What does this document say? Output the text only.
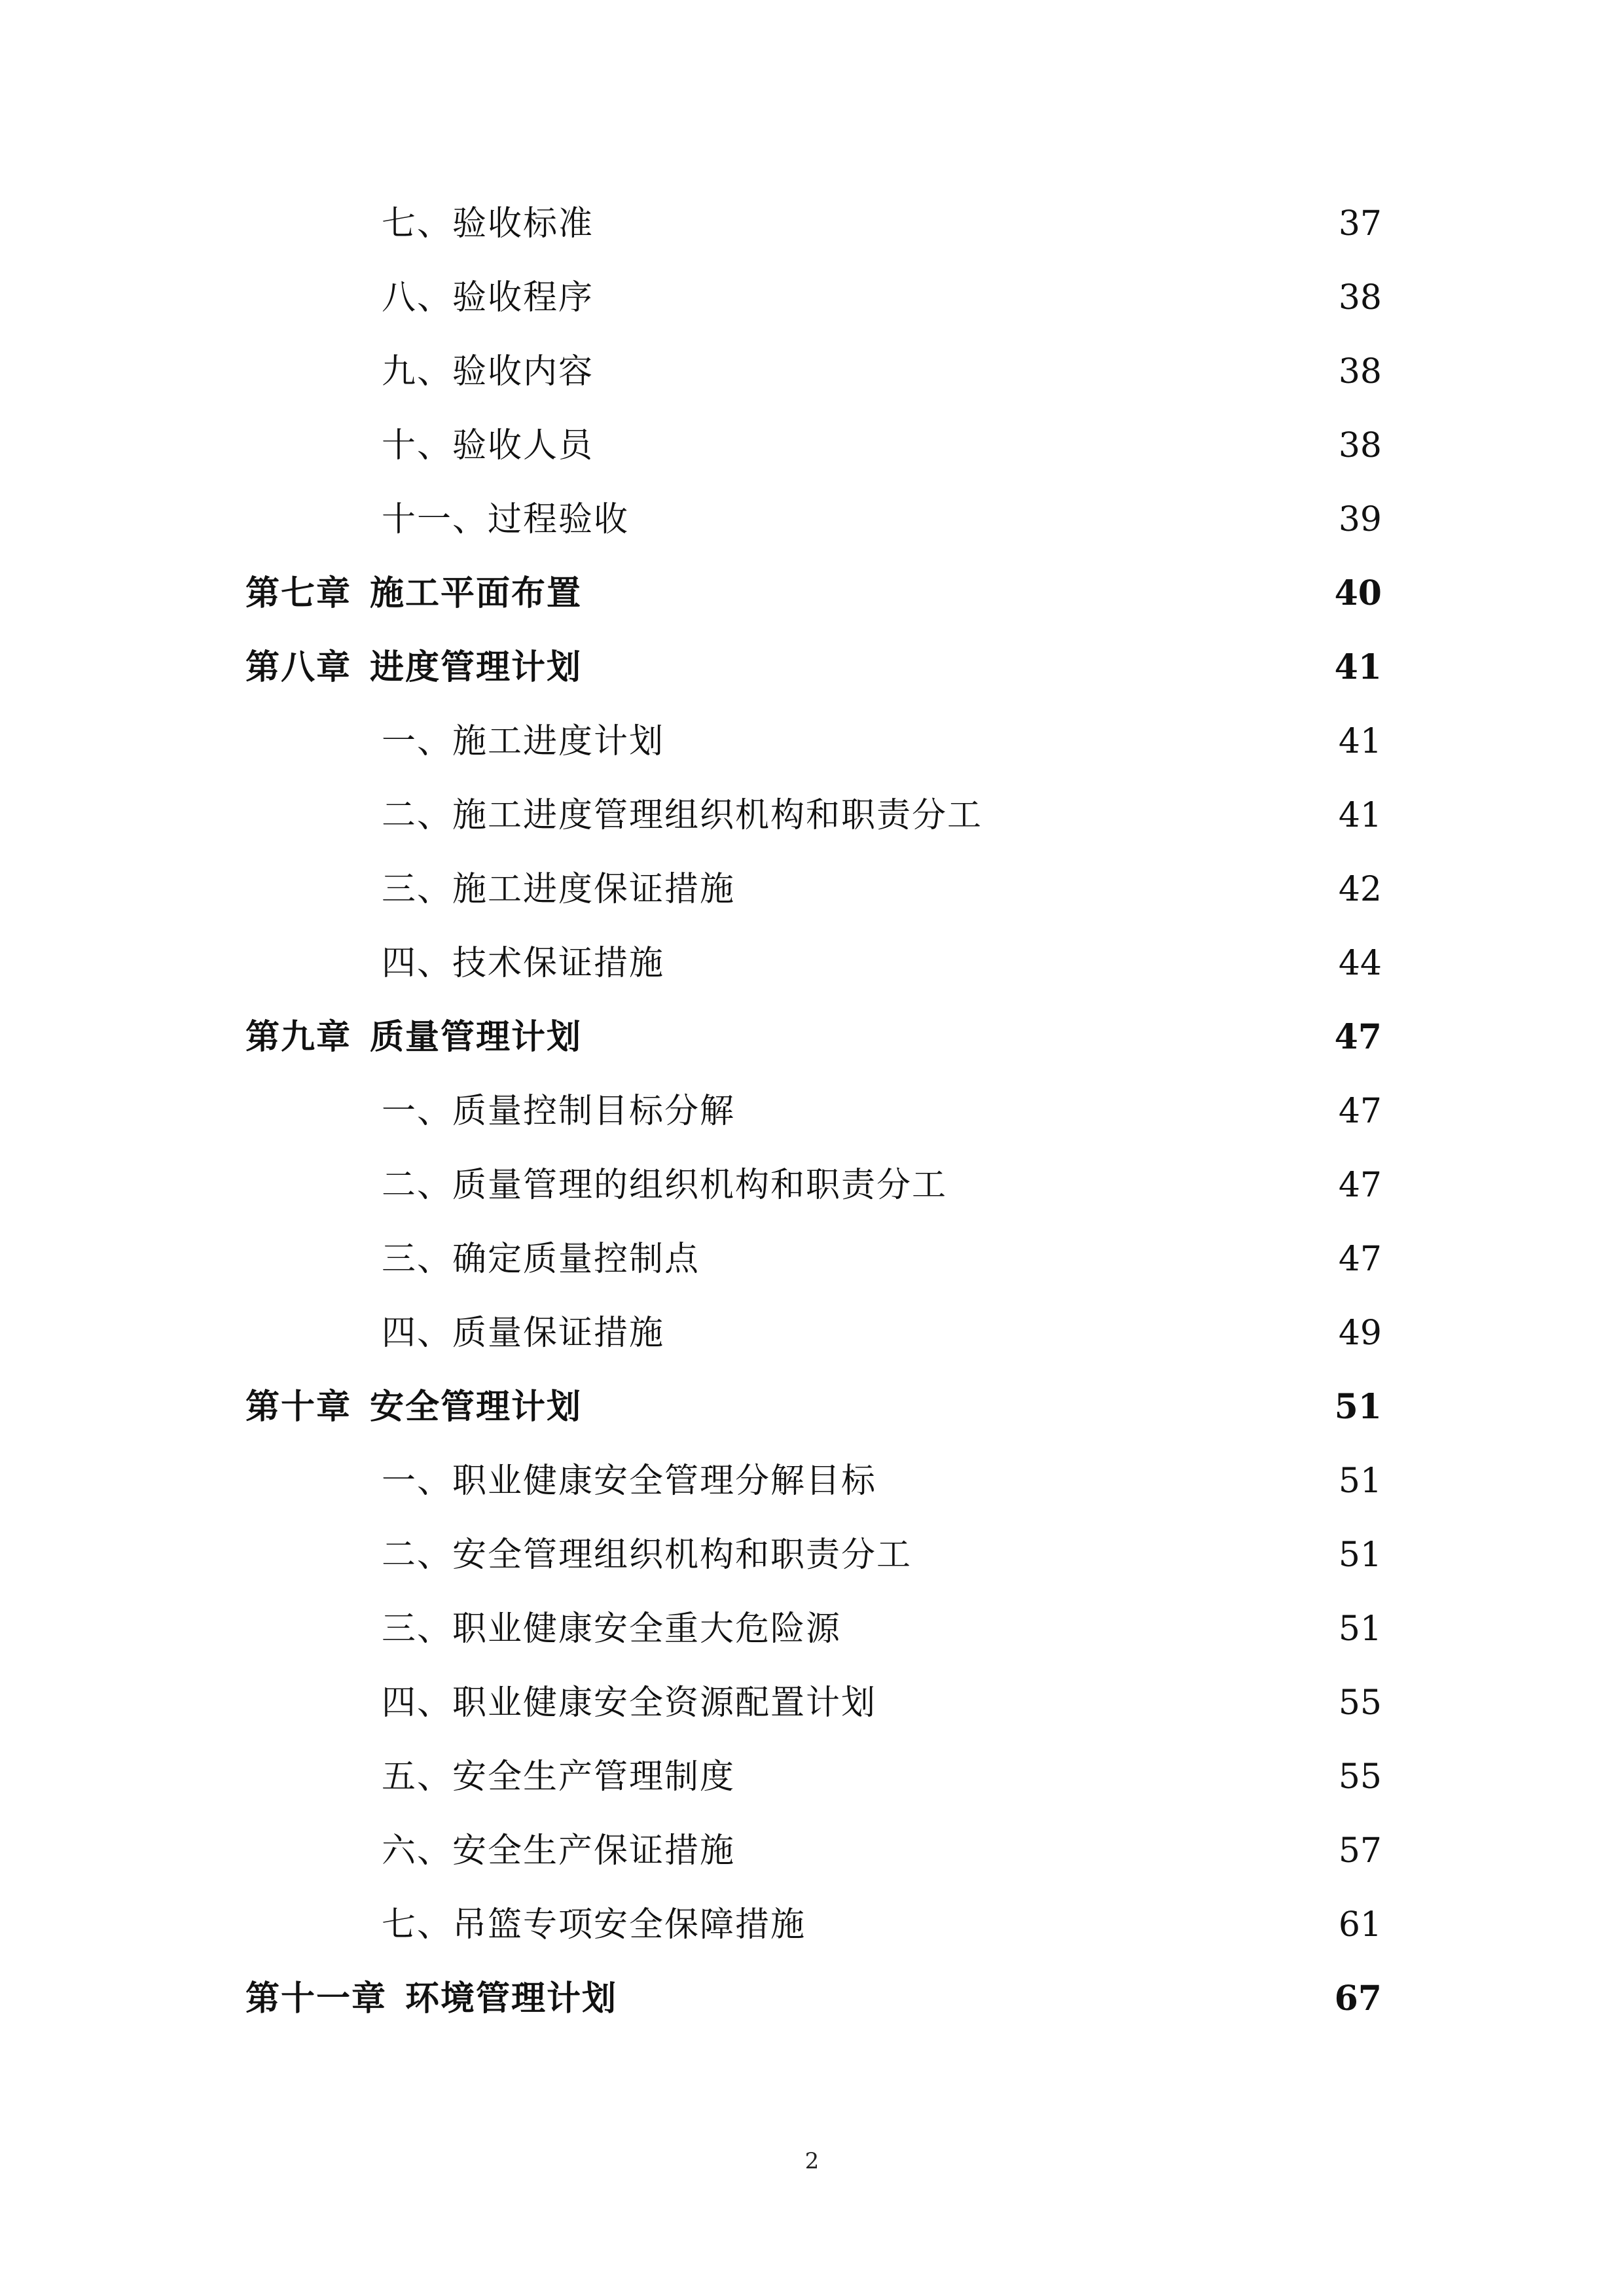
七、验收标准	37
八、验收程序	38
九、验收内容	38
十、验收人员	38
十一、过程验收	39
第七章 施工平面布置	40
第八章 进度管理计划	41
一、施工进度计划	41
二、施工进度管理组织机构和职责分工	41
三、施工进度保证措施	42
四、技术保证措施	44
第九章 质量管理计划	47
一、质量控制目标分解	47
二、质量管理的组织机构和职责分工	47
三、确定质量控制点	47
四、质量保证措施	49
第十章 安全管理计划	51
一、职业健康安全管理分解目标	51
二、安全管理组织机构和职责分工	51
三、职业健康安全重大危险源	51
四、职业健康安全资源配置计划	55
五、安全生产管理制度	55
六、安全生产保证措施	57
七、吊篮专项安全保障措施	61
第十一章 环境管理计划	67
2
